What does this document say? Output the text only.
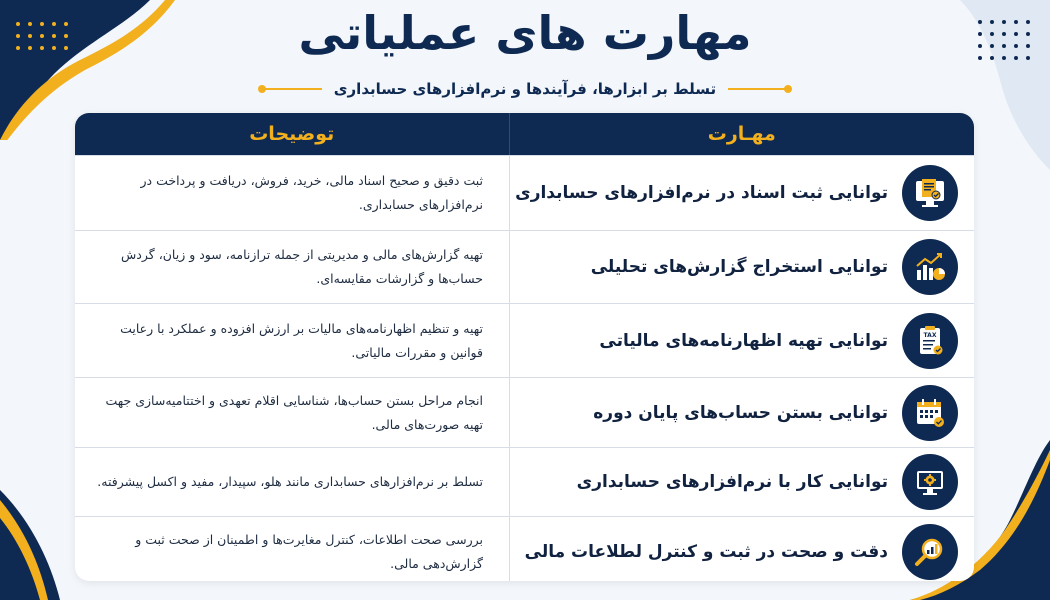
مهارت های عملیاتی
تسلط بر ابزارها، فرآیندها و نرم‌افزارهای حسابداری
مهـارت
توضیحات
توانایی ثبت اسناد در نرم‌افزارهای حسابداری
ثبت دقیق و صحیح اسناد مالی، خرید، فروش، دریافت و پرداخت در نرم‌افزارهای حسابداری.
توانایی استخراج گزارش‌های تحلیلی
تهیه گزارش‌های مالی و مدیریتی از جمله ترازنامه، سود و زیان، گردش حساب‌ها و گزارشات مقایسه‌ای.
TAX
توانایی تهیه اظهارنامه‌های مالیاتی
تهیه و تنظیم اظهارنامه‌های مالیات بر ارزش افزوده و عملکرد با رعایت قوانین و مقررات مالیاتی.
توانایی بستن حساب‌های پایان دوره
انجام مراحل بستن حساب‌ها، شناسایی اقلام تعهدی و اختتامیه‌سازی جهت تهیه صورت‌های مالی.
توانایی کار با نرم‌افزارهای حسابداری
تسلط بر نرم‌افزارهای حسابداری مانند هلو، سپیدار، مفید و اکسل پیشرفته.
دقت و صحت در ثبت و کنترل لطلاعات مالی
بررسی صحت اطلاعات، کنترل مغایرت‌ها و اطمینان از صحت ثبت و گزارش‌دهی مالی.
